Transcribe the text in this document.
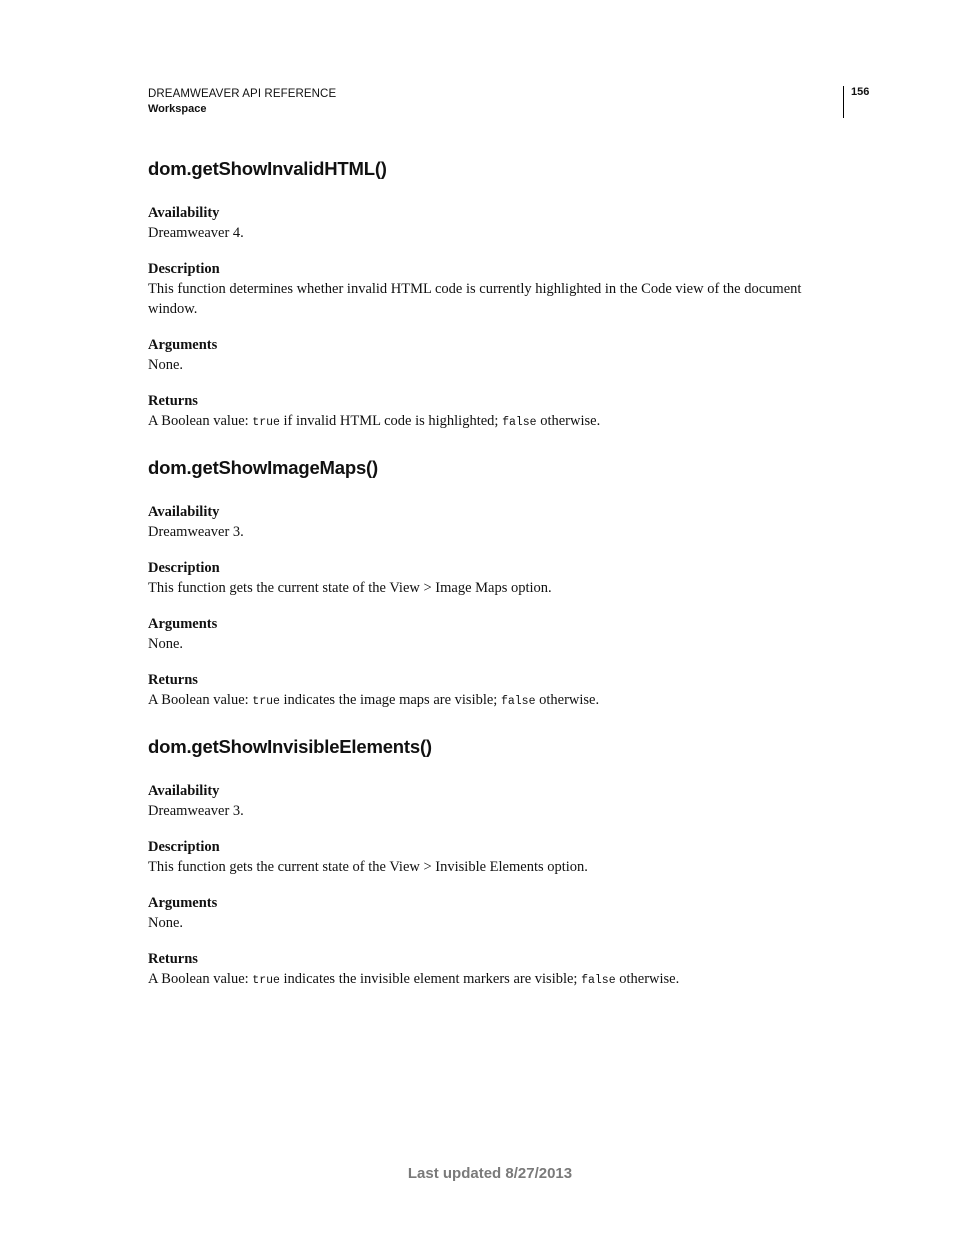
DREAMWEAVER API REFERENCE
Workspace
156
dom.getShowInvalidHTML()
Availability
Dreamweaver 4.
Description
This function determines whether invalid HTML code is currently highlighted in the Code view of the document window.
Arguments
None.
Returns
A Boolean value: true if invalid HTML code is highlighted; false otherwise.
dom.getShowImageMaps()
Availability
Dreamweaver 3.
Description
This function gets the current state of the View > Image Maps option.
Arguments
None.
Returns
A Boolean value: true indicates the image maps are visible; false otherwise.
dom.getShowInvisibleElements()
Availability
Dreamweaver 3.
Description
This function gets the current state of the View > Invisible Elements option.
Arguments
None.
Returns
A Boolean value: true indicates the invisible element markers are visible; false otherwise.
Last updated 8/27/2013
